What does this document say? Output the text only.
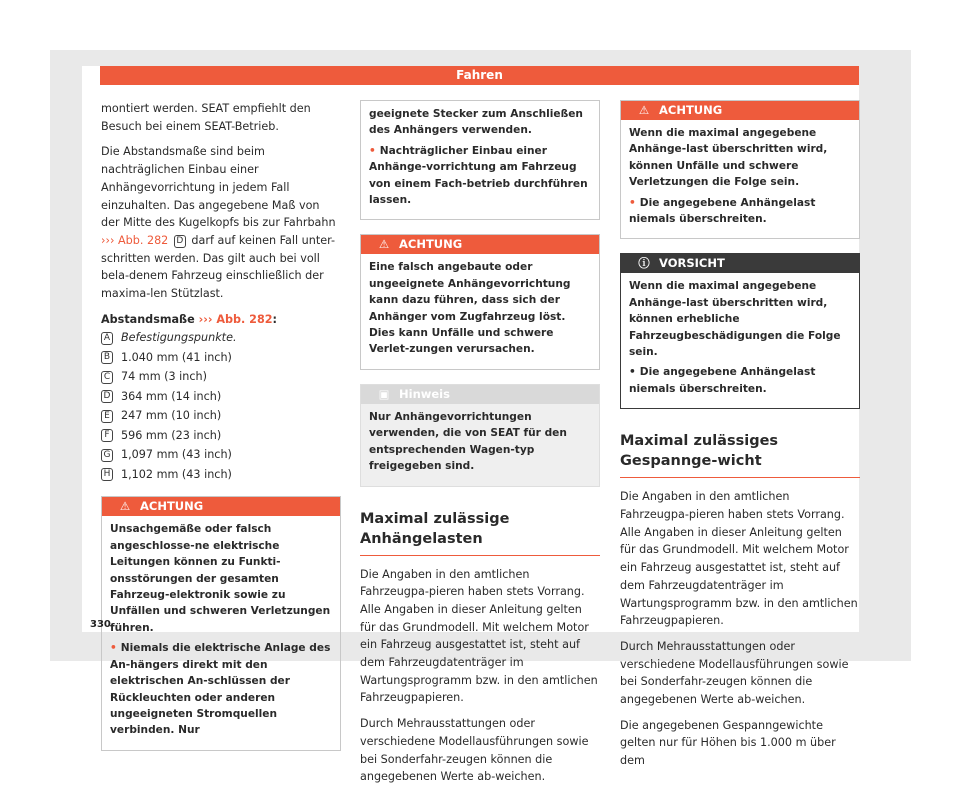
Fahren

montiert werden. SEAT empfiehlt den Besuch bei einem SEAT-Betrieb.

Die Abstandsmaße sind beim nachträglichen Einbau einer Anhängevorrichtung in jedem Fall einzuhalten. Das angegebene Maß von der Mitte des Kugelkopfs bis zur Fahrbahn ››› Abb. 282 D darf auf keinen Fall unter-schritten werden. Das gilt auch bei voll bela-denem Fahrzeug einschließlich der maxima-len Stützlast.

Abstandsmaße ››› Abb. 282:
A Befestigungspunkte.
B 1.040 mm (41 inch)
C 74 mm (3 inch)
D 364 mm (14 inch)
E 247 mm (10 inch)
F	596 mm (23 inch)
G 1,097 mm (43 inch)
H 1,102 mm (43 inch)
⚠ ACHTUNG

Unsachgemäße oder falsch angeschlosse-ne elektrische Leitungen können zu Funkti-onsstörungen der gesamten Fahrzeug-elektronik sowie zu Unfällen und schweren Verletzungen führen.

• Niemals die elektrische Anlage des An-hängers direkt mit den elektrischen An-schlüssen der Rückleuchten oder anderen ungeeigneten Stromquellen verbinden. Nur

geeignete Stecker zum Anschließen des Anhängers verwenden.

• Nachträglicher Einbau einer Anhänge-vorrichtung am Fahrzeug von einem Fach-betrieb durchführen lassen.

⚠ ACHTUNG

Eine falsch angebaute oder ungeeignete Anhängevorrichtung kann dazu führen, dass sich der Anhänger vom Zugfahrzeug löst. Dies kann Unfälle und schwere Verlet-zungen verursachen.

▣ Hinweis

Nur Anhängevorrichtungen verwenden, die von SEAT für den entsprechenden Wagen-typ freigegeben sind.

Maximal zulässige Anhängelasten

Die Angaben in den amtlichen Fahrzeugpa-pieren haben stets Vorrang. Alle Angaben in dieser Anleitung gelten für das Grundmodell. Mit welchem Motor ein Fahrzeug ausgestattet ist, steht auf dem Fahrzeugdatenträger im Wartungsprogramm bzw. in den amtlichen Fahrzeugpapieren.

Durch Mehrausstattungen oder verschiedene Modellausführungen sowie bei Sonderfahr-zeugen können die angegebenen Werte ab-weichen.

⚠ ACHTUNG

Wenn die maximal angegebene Anhänge-last überschritten wird, können Unfälle und schwere Verletzungen die Folge sein.

• Die angegebene Anhängelast niemals überschreiten.

ⓘ VORSICHT

Wenn die maximal angegebene Anhänge-last überschritten wird, können erhebliche Fahrzeugbeschädigungen die Folge sein.

• Die angegebene Anhängelast niemals überschreiten.

Maximal zulässiges Gespannge-wicht

Die Angaben in den amtlichen Fahrzeugpa-pieren haben stets Vorrang. Alle Angaben in dieser Anleitung gelten für das Grundmodell. Mit welchem Motor ein Fahrzeug ausgestattet ist, steht auf dem Fahrzeugdatenträger im Wartungsprogramm bzw. in den amtlichen Fahrzeugpapieren.

Durch Mehrausstattungen oder verschiedene Modellausführungen sowie bei Sonderfahr-zeugen können die angegebenen Werte ab-weichen.

Die angegebenen Gespanngewichte gelten nur für Höhen bis 1.000 m über dem

330
